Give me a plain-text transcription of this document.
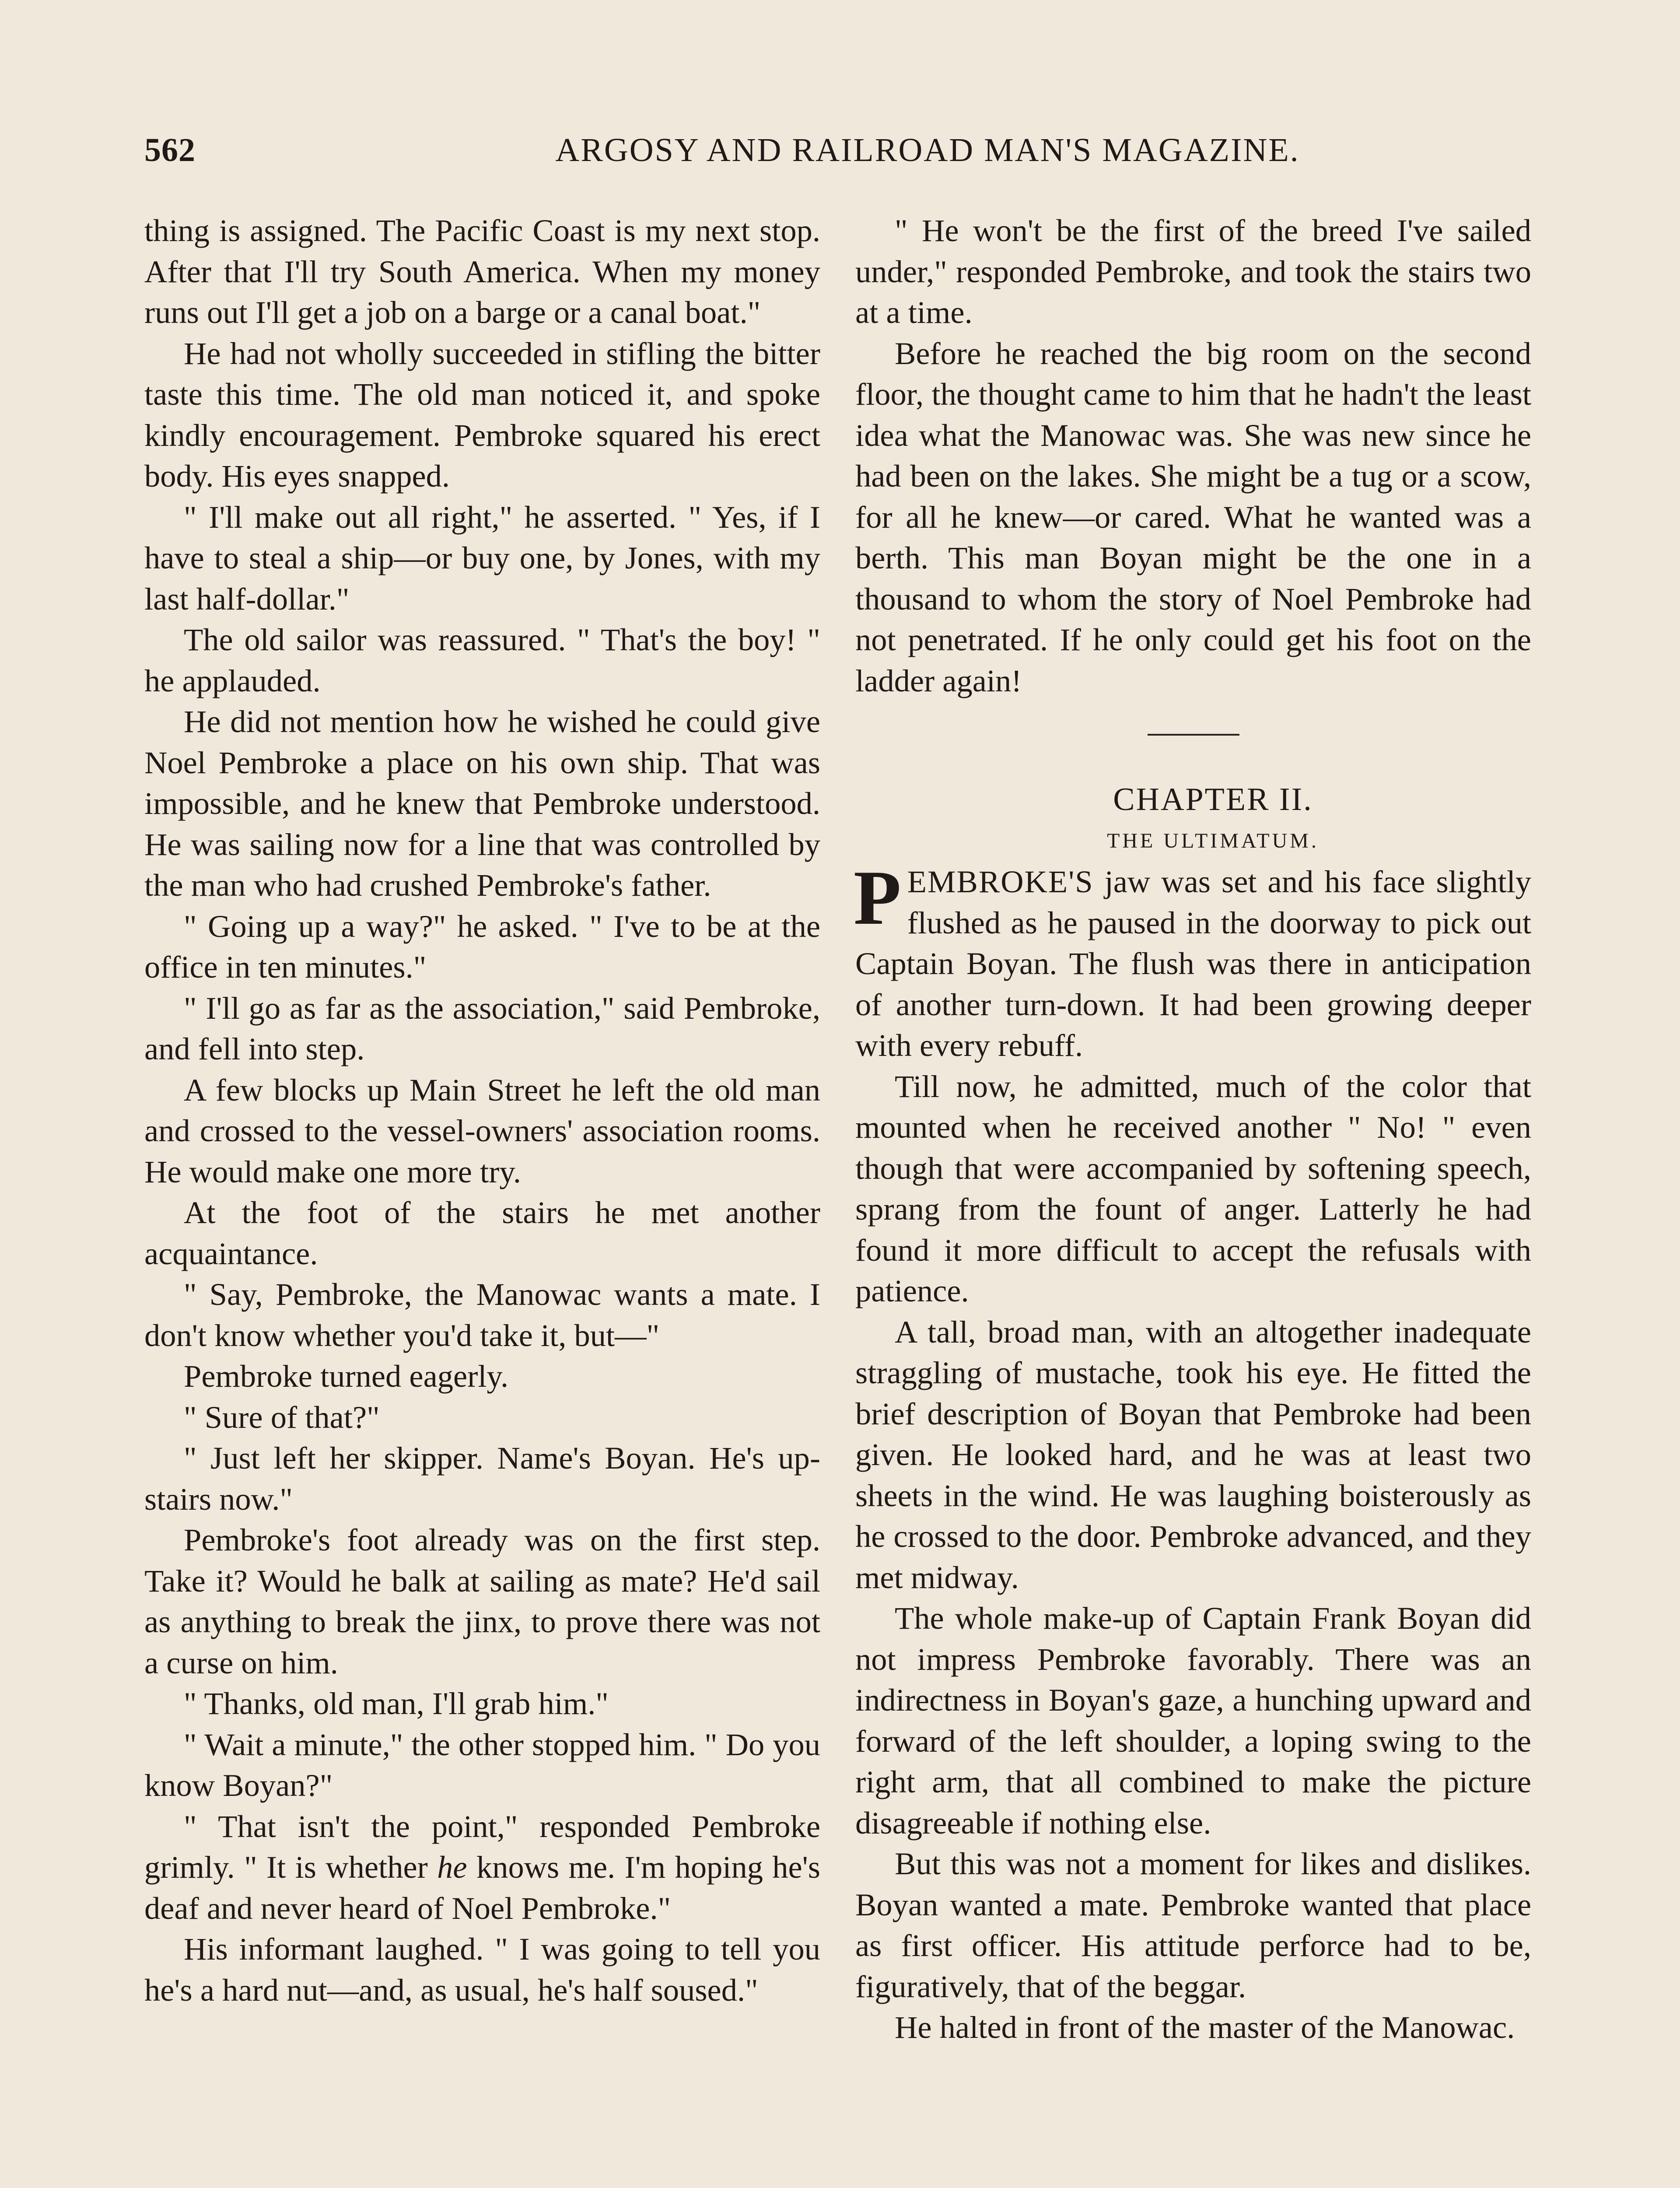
562	ARGOSY AND RAILROAD MAN'S MAGAZINE.

thing is assigned. The Pacific Coast is my next stop. After that I'll try South America. When my money runs out I'll get a job on a barge or a canal boat."

He had not wholly succeeded in stifling the bitter taste this time. The old man noticed it, and spoke kindly encouragement. Pembroke squared his erect body. His eyes snapped.

" I'll make out all right," he asserted. " Yes, if I have to steal a ship—or buy one, by Jones, with my last half-dollar."

The old sailor was reassured. " That's the boy! " he applauded.

He did not mention how he wished he could give Noel Pembroke a place on his own ship. That was impossible, and he knew that Pembroke understood. He was sailing now for a line that was controlled by the man who had crushed Pembroke's father.

" Going up a way?" he asked. " I've to be at the office in ten minutes."

" I'll go as far as the association," said Pembroke, and fell into step.

A few blocks up Main Street he left the old man and crossed to the vessel-owners' association rooms. He would make one more try.

At the foot of the stairs he met another acquaintance.

" Say, Pembroke, the Manowac wants a mate. I don't know whether you'd take it, but—"

Pembroke turned eagerly.

" Sure of that?"

" Just left her skipper. Name's Boyan. He's up-stairs now."

Pembroke's foot already was on the first step. Take it? Would he balk at sailing as mate? He'd sail as anything to break the jinx, to prove there was not a curse on him.

" Thanks, old man, I'll grab him."

" Wait a minute," the other stopped him. " Do you know Boyan?"

" That isn't the point," responded Pembroke grimly. " It is whether he knows me. I'm hoping he's deaf and never heard of Noel Pembroke."

His informant laughed. " I was going to tell you he's a hard nut—and, as usual, he's half soused."

" He won't be the first of the breed I've sailed under," responded Pembroke, and took the stairs two at a time.

Before he reached the big room on the second floor, the thought came to him that he hadn't the least idea what the Manowac was. She was new since he had been on the lakes. She might be a tug or a scow, for all he knew—or cared. What he wanted was a berth. This man Boyan might be the one in a thousand to whom the story of Noel Pembroke had not penetrated. If he only could get his foot on the ladder again!

CHAPTER II.

THE ULTIMATUM.

PEMBROKE'S jaw was set and his face slightly flushed as he paused in the doorway to pick out Captain Boyan. The flush was there in anticipation of another turn-down. It had been growing deeper with every rebuff.

Till now, he admitted, much of the color that mounted when he received another " No! " even though that were accompanied by softening speech, sprang from the fount of anger. Latterly he had found it more difficult to accept the refusals with patience.

A tall, broad man, with an altogether inadequate straggling of mustache, took his eye. He fitted the brief description of Boyan that Pembroke had been given. He looked hard, and he was at least two sheets in the wind. He was laughing boisterously as he crossed to the door. Pembroke advanced, and they met midway.

The whole make-up of Captain Frank Boyan did not impress Pembroke favorably. There was an indirectness in Boyan's gaze, a hunching upward and forward of the left shoulder, a loping swing to the right arm, that all combined to make the picture disagreeable if nothing else.

But this was not a moment for likes and dislikes. Boyan wanted a mate. Pembroke wanted that place as first officer. His attitude perforce had to be, figuratively, that of the beggar.

He halted in front of the master of the Manowac.
